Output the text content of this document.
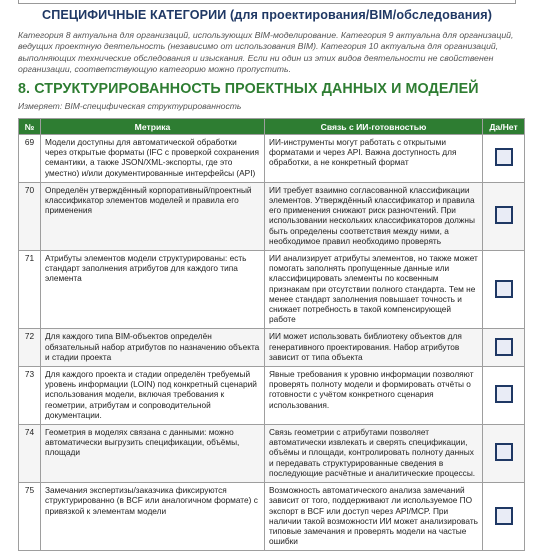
СПЕЦИФИЧНЫЕ КАТЕГОРИИ (для проектирования/BIM/обследования)
Категория 8 актуальна для организаций, использующих BIM-моделирование. Категория 9 актуальна для организаций, ведущих проектную деятельность (независимо от использования BIM). Категория 10 актуальна для организаций, выполняющих технические обследования и изыскания. Если ни один из этих видов деятельности не свойственен организации, соответствующую категорию можно пропустить.
8. СТРУКТУРИРОВАННОСТЬ ПРОЕКТНЫХ ДАННЫХ И МОДЕЛЕЙ
Измеряет: BIM-специфическая структурированность
№	Метрика	Связь с ИИ-готовностью	Да/Нет
69	Модели доступны для автоматической обработки через открытые форматы (IFC с проверкой сохранения семантики, а также JSON/XML-экспорты, где это уместно) и/или документированные интерфейсы (API)	ИИ-инструменты могут работать с открытыми форматами и через API. Важна доступность для обработки, а не конкретный формат	
70	Определён утверждённый корпоративный/проектный классификатор элементов моделей и правила его применения	ИИ требует взаимно согласованной классификации элементов. Утверждённый классификатор и правила его применения снижают риск разночтений. При использовании нескольких классификаторов должны быть определены соответствия между ними, а необходимое правил необходимо проверять	
71	Атрибуты элементов модели структурированы: есть стандарт заполнения атрибутов для каждого типа элемента	ИИ анализирует атрибуты элементов, но также может помогать заполнять пропущенные данные или классифицировать элементы по косвенным признакам при отсутствии полного стандарта. Тем не менее стандарт заполнения повышает точность и снижает потребность в такой компенсирующей работе	
72	Для каждого типа BIM-объектов определён обязательный набор атрибутов по назначению объекта и стадии проекта	ИИ может использовать библиотеку объектов для генеративного проектирования. Набор атрибутов зависит от типа объекта	
73	Для каждого проекта и стадии определён требуемый уровень информации (LOIN) под конкретный сценарий использования модели, включая требования к геометрии, атрибутам и сопроводительной документации.	Явные требования к уровню информации позволяют проверять полноту модели и формировать отчёты о готовности с учётом конкретного сценария использования.	
74	Геометрия в моделях связана с данными: можно автоматически выгрузить спецификации, объёмы, площади	Связь геометрии с атрибутами позволяет автоматически извлекать и сверять спецификации, объёмы и площади, контролировать полноту данных и передавать структурированные сведения в последующие расчётные и аналитические процессы.	
75	Замечания экспертизы/заказчика фиксируются структурированно (в BCF или аналогичном формате) с привязкой к элементам модели	Возможность автоматического анализа замечаний зависит от того, поддерживают ли используемое ПО экспорт в BCF или доступ через API/MCP. При наличии такой возможности ИИ может анализировать типовые замечания и проверять модели на частые ошибки	
